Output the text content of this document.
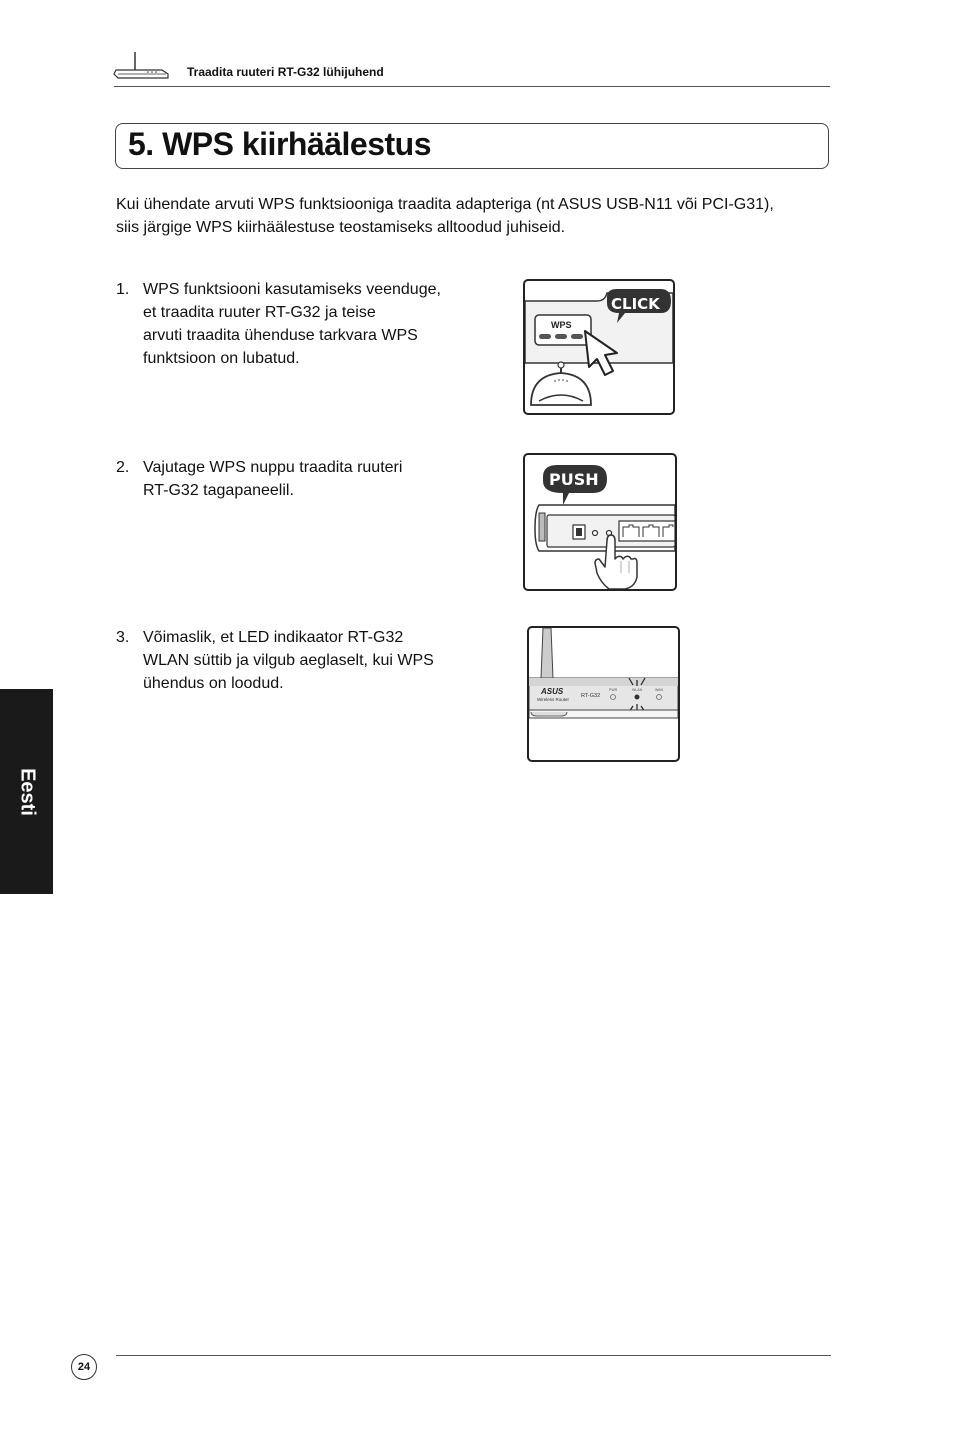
Traadita ruuteri RT-G32 lühijuhend
5. WPS kiirhäälestus
Kui ühendate arvuti WPS funktsiooniga traadita adapteriga (nt ASUS USB-N11 või PCI-G31),
siis järgige WPS kiirhäälestuse teostamiseks alltoodud juhiseid.
1. WPS funktsiooni kasutamiseks veenduge,
et traadita ruuter RT-G32 ja teise
arvuti traadita ühenduse tarkvara WPS
funktsioon on lubatud.
WPS
CLICK
2. Vajutage WPS nuppu traadita ruuteri
RT-G32 tagapaneelil.
PUSH
3. Võimaslik, et LED indikaator RT-G32
WLAN süttib ja vilgub aeglaselt, kui WPS
ühendus on loodud.	ASUS
Wireless Router
RT-G32
PWR	WLAN	WAN
Eesti
24
